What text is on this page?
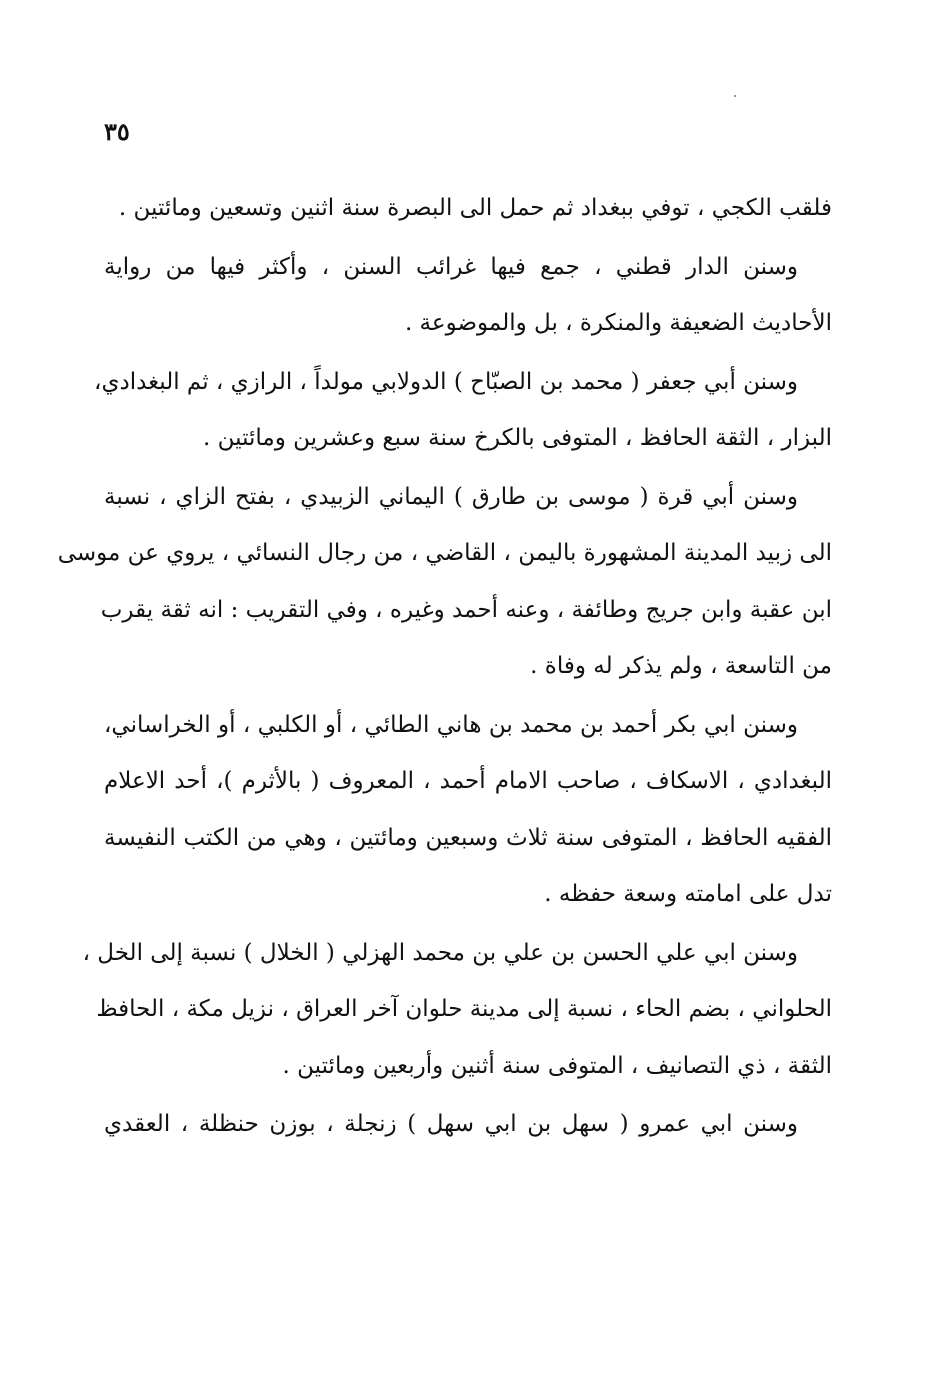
٣٥
فلقب الكجي ، توفي ببغداد ثم حمل الى البصرة سنة اثنين وتسعين ومائتين .
وسنن الدار قطني ، جمع فيها غرائب السنن ، وأكثر فيها من رواية
الأحاديث الضعيفة والمنكرة ، بل والموضوعة .
وسنن أبي جعفر ( محمد بن الصبّاح ) الدولابي مولداً ، الرازي ، ثم البغدادي،
البزار ، الثقة الحافظ ، المتوفى بالكرخ سنة سبع وعشرين ومائتين .
وسنن أبي قرة ( موسى بن طارق ) اليماني الزبيدي ، بفتح الزاي ، نسبة
الى زبيد المدينة المشهورة باليمن ، القاضي ، من رجال النسائي ، يروي عن موسى
ابن عقبة وابن جريج وطائفة ، وعنه أحمد وغيره ، وفي التقريب : انه ثقة يقرب
من التاسعة ، ولم يذكر له وفاة .
وسنن ابي بكر أحمد بن محمد بن هاني الطائي ، أو الكلبي ، أو الخراساني،
البغدادي ، الاسكاف ، صاحب الامام أحمد ، المعروف ( بالأثرم )، أحد الاعلام
الفقيه الحافظ ، المتوفى سنة ثلاث وسبعين ومائتين ، وهي من الكتب النفيسة
تدل على امامته وسعة حفظه .
وسنن ابي علي الحسن بن علي بن محمد الهزلي ( الخلال ) نسبة إلى الخل ،
الحلواني ، بضم الحاء ، نسبة إلى مدينة حلوان آخر العراق ، نزيل مكة ، الحافظ
الثقة ، ذي التصانيف ، المتوفى سنة أثنين وأربعين ومائتين .
وسنن ابي عمرو ( سهل بن ابي سهل ) زنجلة ، بوزن حنظلة ، العقدي
